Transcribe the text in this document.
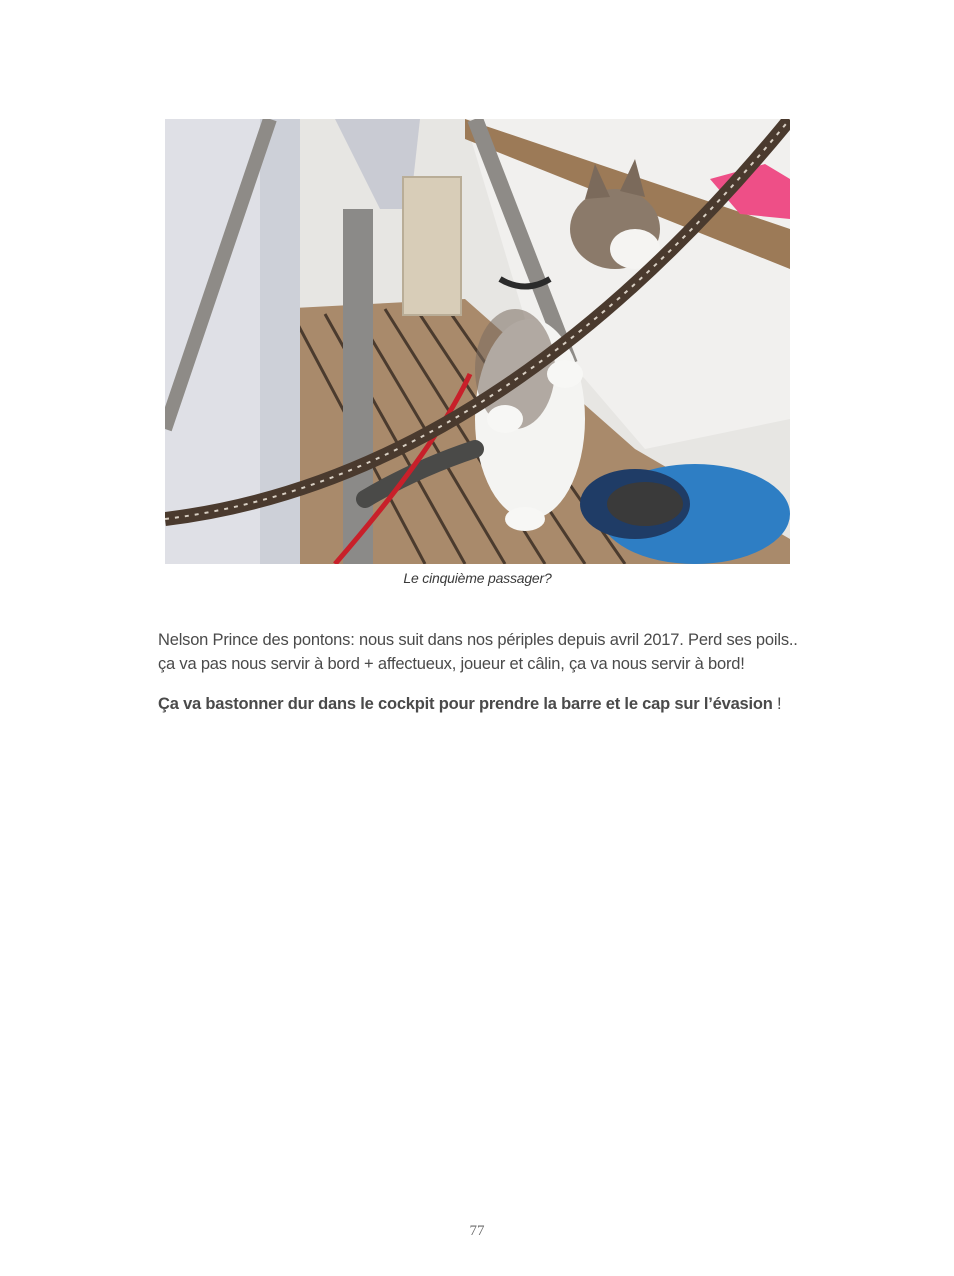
Le cinquième passager?

Nelson Prince des pontons: nous suit dans nos périples depuis avril 2017. Perd ses poils..
ça va pas nous servir à bord + affectueux, joueur et câlin, ça va nous servir à bord!

Ça va bastonner dur dans le cockpit pour prendre la barre et le cap sur l’évasion !

77
